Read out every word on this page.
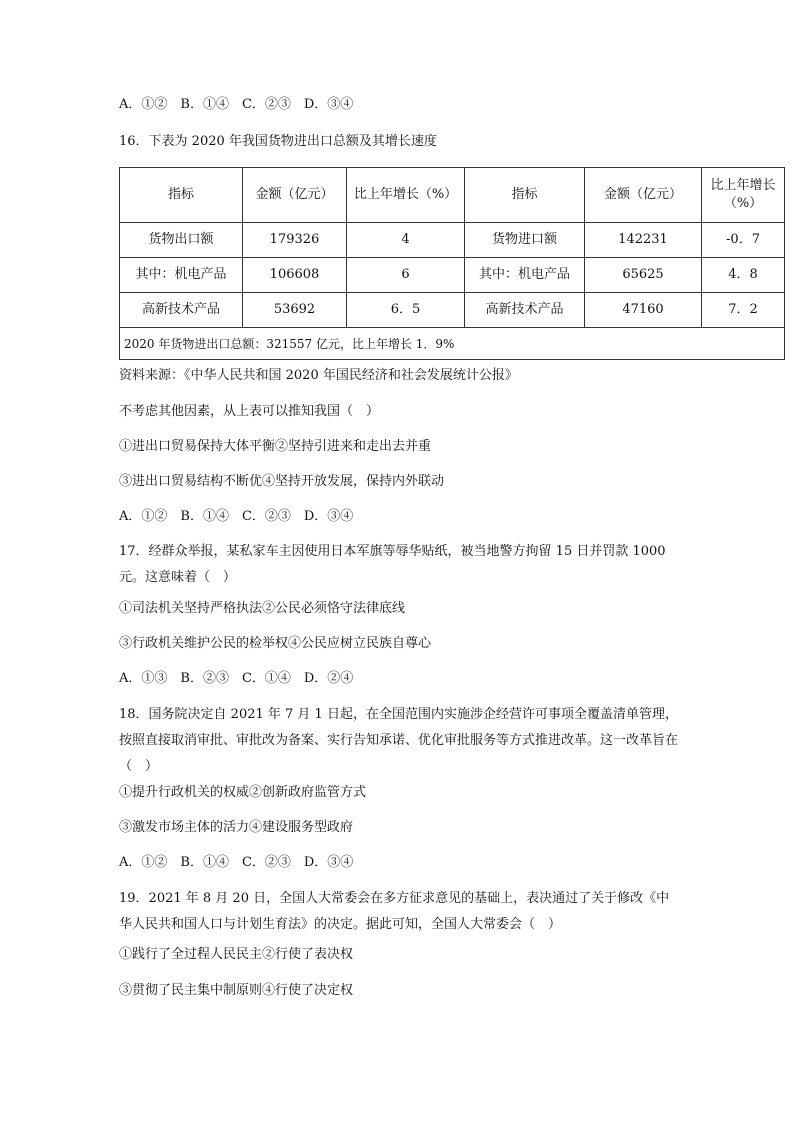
A．①②　B．①④　C．②③　D．③④
16．下表为 2020 年我国货物进出口总额及其增长速度
指标	金额（亿元）	比上年增长（%）	指标	金额（亿元）	比上年增长（%）
货物出口额	179326	4	货物进口额	142231	-0．7
其中：机电产品	106608	6	其中：机电产品	65625	4．8
高新技术产品	53692	6．5	高新技术产品	47160	7．2
2020 年货物进出口总额：321557 亿元，比上年增长 1．9%					
资料来源：《中华人民共和国 2020 年国民经济和社会发展统计公报》
不考虑其他因素，从上表可以推知我国（　）
①进出口贸易保持大体平衡②坚持引进来和走出去并重
③进出口贸易结构不断优④坚持开放发展，保持内外联动
A．①②　B．①④　C．②③　D．③④
17．经群众举报，某私家车主因使用日本军旗等辱华贴纸，被当地警方拘留 15 日并罚款 1000 元。这意味着（　）
①司法机关坚持严格执法②公民必须恪守法律底线
③行政机关维护公民的检举权④公民应树立民族自尊心
A．①③　B．②③　C．①④　D．②④
18．国务院决定自 2021 年 7 月 1 日起，在全国范围内实施涉企经营许可事项全覆盖清单管理，按照直接取消审批、审批改为备案、实行告知承诺、优化审批服务等方式推进改革。这一改革旨在（　）
①提升行政机关的权威②创新政府监管方式
③激发市场主体的活力④建设服务型政府
A．①②　B．①④　C．②③　D．③④
19．2021 年 8 月 20 日，全国人大常委会在多方征求意见的基础上，表决通过了关于修改《中华人民共和国人口与计划生育法》的决定。据此可知，全国人大常委会（　）
①践行了全过程人民民主②行使了表决权
③贯彻了民主集中制原则④行使了决定权
